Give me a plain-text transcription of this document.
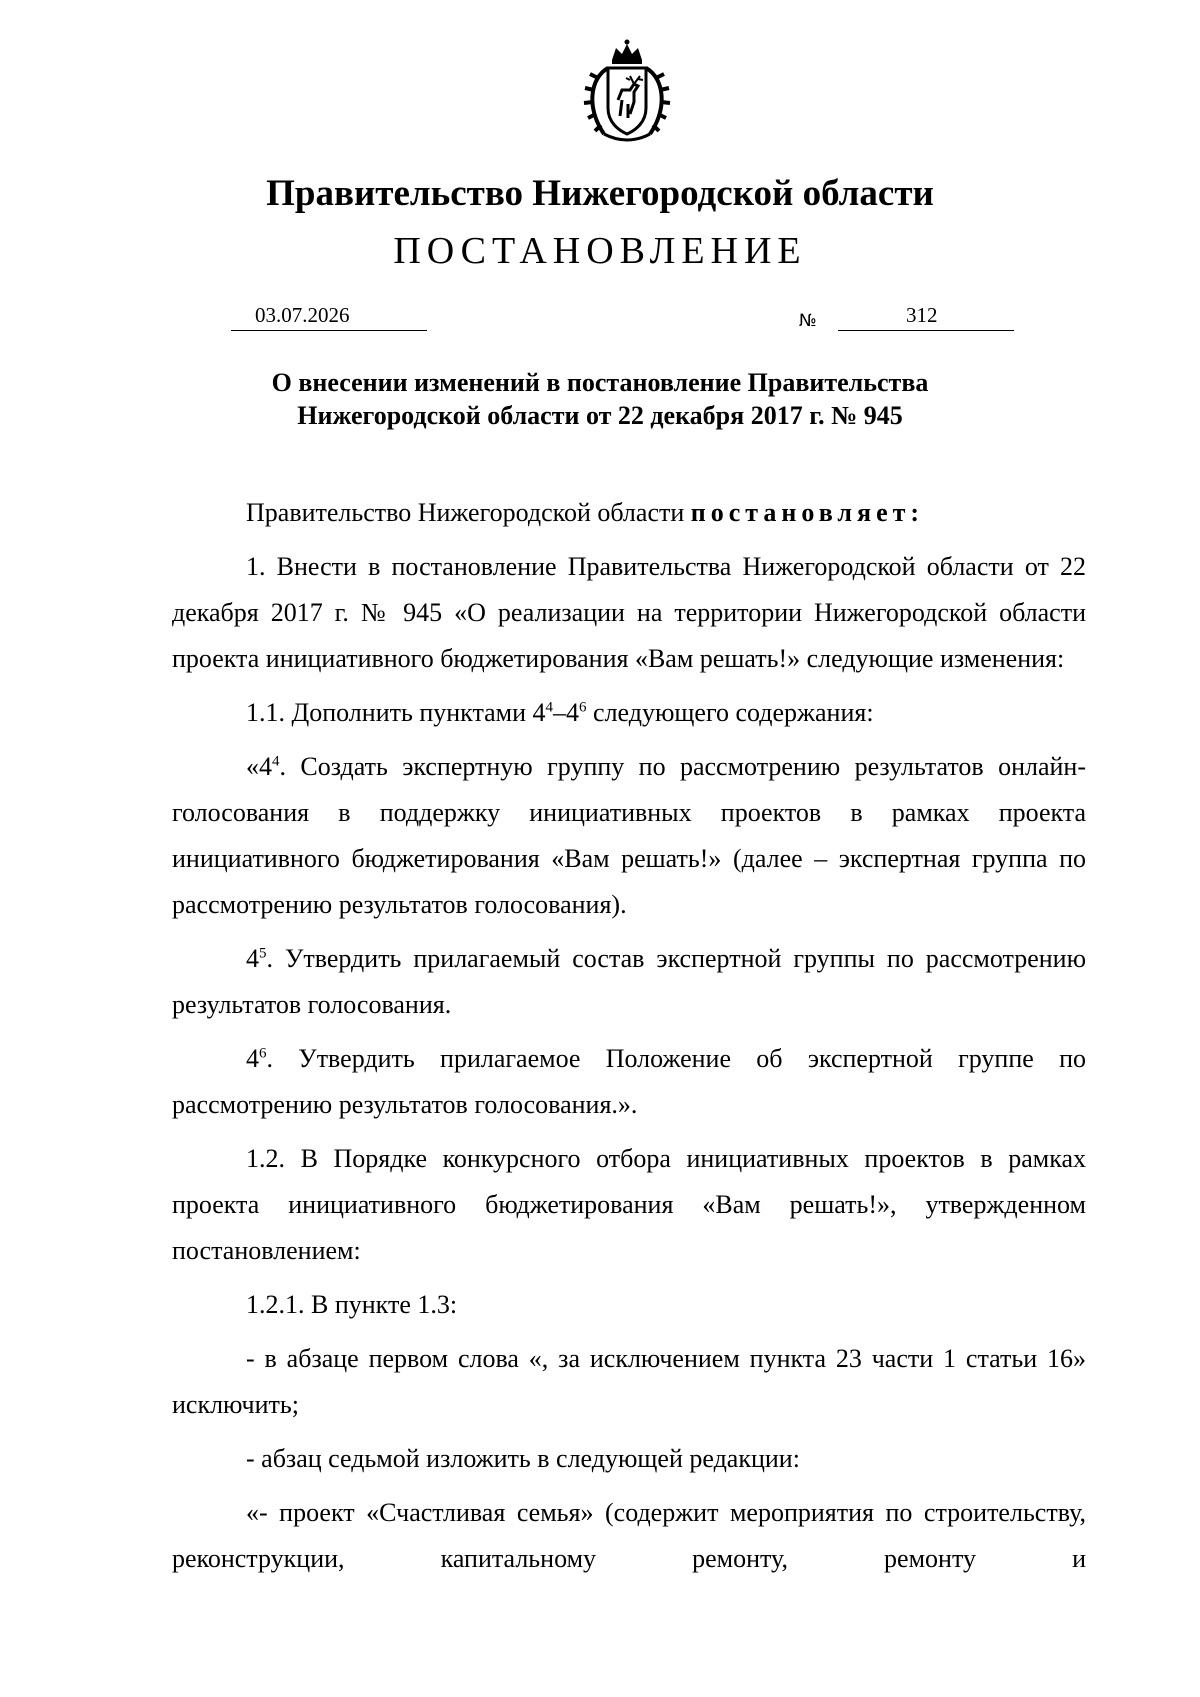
Правительство Нижегородской области
ПОСТАНОВЛЕНИЕ
03.07.2026	№	312
О внесении изменений в постановление Правительства
Нижегородской области от 22 декабря 2017 г. № 945

Правительство Нижегородской области постановляет:

1. Внести в постановление Правительства Нижегородской области от 22 декабря 2017 г. № 945 «О реализации на территории Нижегородской области проекта инициативного бюджетирования «Вам решать!» следующие изменения:

1.1. Дополнить пунктами $4^4-4^6$ следующего содержания:

«$4^4$. Создать экспертную группу по рассмотрению результатов онлайн-голосования в поддержку инициативных проектов в рамках проекта инициативного бюджетирования «Вам решать!» (далее – экспертная группа по рассмотрению результатов голосования).

$4^5$. Утвердить прилагаемый состав экспертной группы по рассмотрению результатов голосования.

$4^6$. Утвердить прилагаемое Положение об экспертной группе по рассмотрению результатов голосования.».

1.2. В Порядке конкурсного отбора инициативных проектов в рамках проекта инициативного бюджетирования «Вам решать!», утвержденном постановлением:

1.2.1. В пункте 1.3:

- в абзаце первом слова «, за исключением пункта 23 части 1 статьи 16» исключить;

- абзац седьмой изложить в следующей редакции:

«- проект «Счастливая семья» (содержит мероприятия по строительству, реконструкции, капитальному ремонту, ремонту и
